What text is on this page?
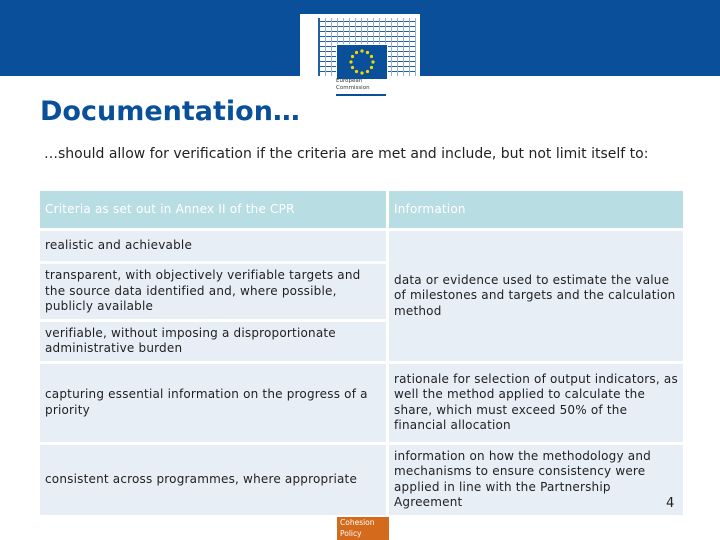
European
Commission
Documentation…
…should allow for verification if the criteria are met and include, but not limit itself to:
Criteria as set out in Annex II of the CPR	Information
realistic and achievable	data or evidence used to estimate the value of milestones and targets and the calculation method
transparent, with objectively verifiable targets and the source data identified and, where possible, publicly available	
verifiable, without imposing a disproportionate administrative burden	
capturing essential information on the progress of a priority	rationale for selection of output indicators, as well the method applied to calculate the share, which must exceed 50% of the financial allocation
consistent across programmes, where appropriate	information on how the methodology and mechanisms to ensure consistency were applied in line with the Partnership Agreement	4
Cohesion
Policy
